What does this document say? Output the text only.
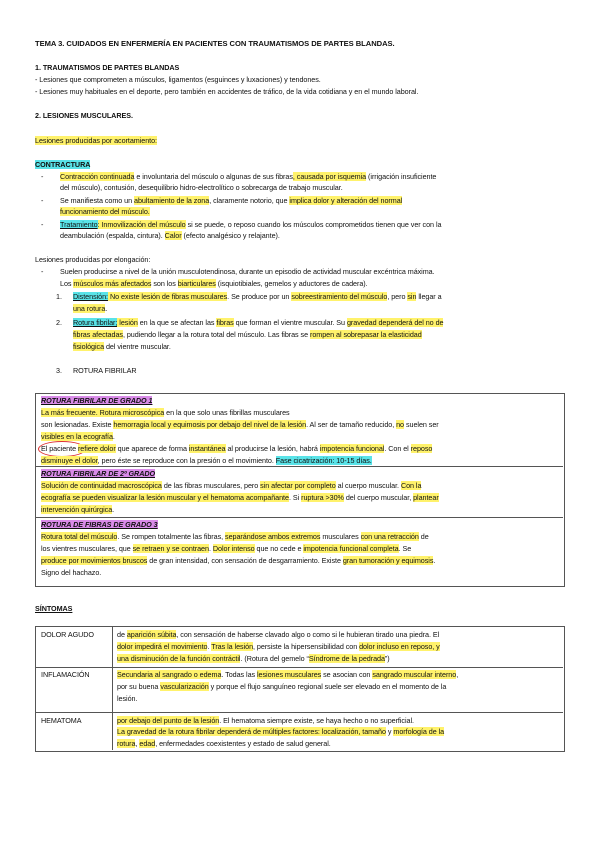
TEMA 3. CUIDADOS EN ENFERMERÍA EN PACIENTES CON TRAUMATISMOS DE PARTES BLANDAS.
1. TRAUMATISMOS DE PARTES BLANDAS
- Lesiones que comprometen a músculos, ligamentos (esguinces y luxaciones) y tendones.
- Lesiones muy habituales en el deporte, pero también en accidentes de tráfico, de la vida cotidiana y en el mundo laboral.
2. LESIONES MUSCULARES.
Lesiones producidas por acortamiento:
CONTRACTURA
- Contracción continuada e involuntaria del músculo o algunas de sus fibras, causada por isquemia (irrigación insuficiente
del músculo), contusión, desequilibrio hidro-electrolítico o sobrecarga de trabajo muscular.
- Se manifiesta como un abultamiento de la zona, claramente notorio, que implica dolor y alteración del normal
funcionamiento del músculo.
- Tratamiento: Inmovilización del músculo si se puede, o reposo cuando los músculos comprometidos tienen que ver con la
deambulación (espalda, cintura). Calor (efecto analgésico y relajante).
Lesiones producidas por elongación:
- Suelen producirse a nivel de la unión musculotendinosa, durante un episodio de actividad muscular excéntrica máxima.
Los músculos más afectados son los biarticulares (isquiotibiales, gemelos y aductores de cadera).
1. Distensión: No existe lesión de fibras musculares. Se produce por un sobreestiramiento del músculo, pero sin llegar a
una rotura.
2. Rotura fibrilar; lesión en la que se afectan las fibras que forman el vientre muscular. Su gravedad dependerá del no de
fibras afectadas, pudiendo llegar a la rotura total del músculo. Las fibras se rompen al sobrepasar la elasticidad
fisiológica del vientre muscular.
3. ROTURA FIBRILAR
ROTURA FIBRILAR DE GRADO 1
La más frecuente. Rotura microscópica en la que solo unas fibrillas musculares
son lesionadas. Existe hemorragia local y equimosis por debajo del nivel de la lesión. Al ser de tamaño reducido, no suelen ser
visibles en la ecografía.
El paciente refiere dolor que aparece de forma instantánea al producirse la lesión, habrá impotencia funcional. Con el reposo
disminuye el dolor, pero éste se reproduce con la presión o el movimiento. Fase cicatrización: 10-15 días.
ROTURA FIBRILAR DE 2º GRADO
Solución de continuidad macroscópica de las fibras musculares, pero sin afectar por completo al cuerpo muscular. Con la
ecografía se pueden visualizar la lesión muscular y el hematoma acompañante. Si ruptura >30% del cuerpo muscular, plantear
intervención quirúrgica.
ROTURA DE FIBRAS DE GRADO 3
Rotura total del músculo. Se rompen totalmente las fibras, separándose ambos extremos musculares con una retracción de
los vientres musculares, que se retraen y se contraen. Dolor intenso que no cede e impotencia funcional completa. Se
produce por movimientos bruscos de gran intensidad, con sensación de desgarramiento. Existe gran tumoración y equimosis.
Signo del hachazo.
SÍNTOMAS
DOLOR AGUDO	de aparición súbita, con sensación de haberse clavado algo o como si le hubieran tirado una piedra. El
dolor impedirá el movimiento. Tras la lesión, persiste la hipersensibilidad con dolor incluso en reposo, y
una disminución de la función contráctil. (Rotura del gemelo “Síndrome de la pedrada”)
INFLAMACIÓN	Secundaria al sangrado o edema. Todas las lesiones musculares se asocian con sangrado muscular interno,
por su buena vascularización y porque el flujo sanguíneo regional suele ser elevado en el momento de la
lesión.
HEMATOMA	por debajo del punto de la lesión. El hematoma siempre existe, se haya hecho o no superficial.
La gravedad de la rotura fibrilar dependerá de múltiples factores: localización, tamaño y morfología de la
rotura, edad, enfermedades coexistentes y estado de salud general.
